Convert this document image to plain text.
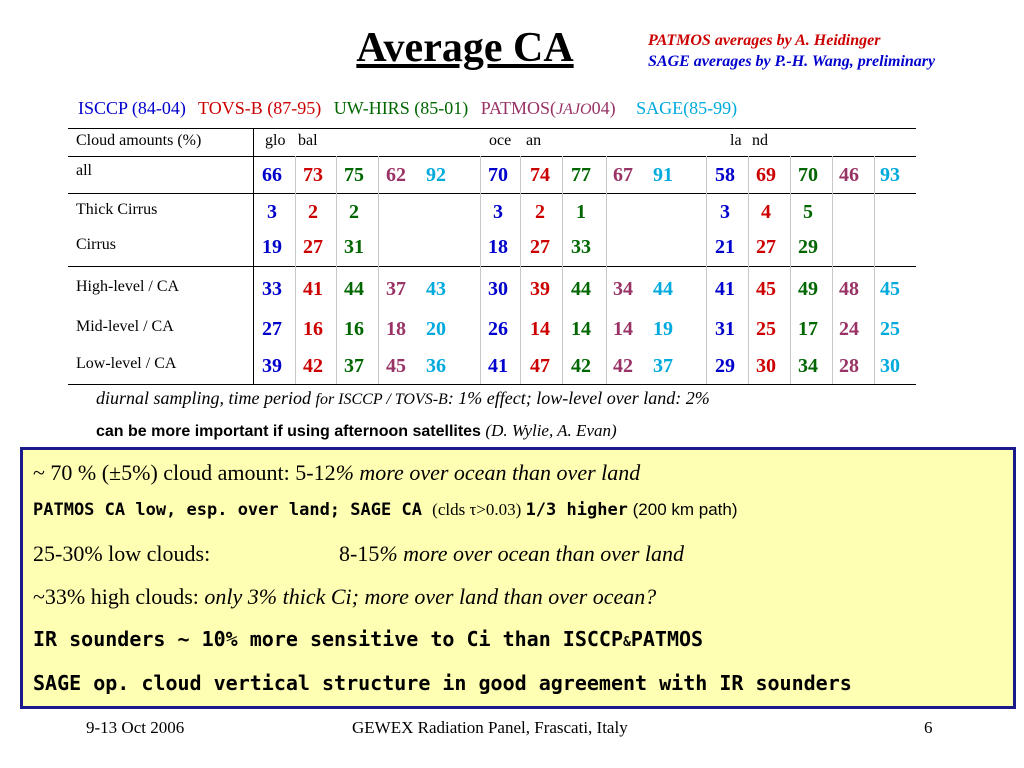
Average CA	PATMOS averages by A. Heidinger
SAGE averages by P.-H. Wang, preliminary
ISCCP (84-04) TOVS-B (87-95) UW-HIRS (85-01) PATMOS(JAJO04) SAGE(85-99)
Cloud amounts (%)	glo bal	oce an	la nd
all	66 73 75 62 92 70 74 77 67 91 58 69 70 46 93
Thick Cirrus	3	2	2	3	2	1	3	4	5
Cirrus	19 27 31	18 27 33	21 27 29
High-level / CA	33 41 44 37 43 30 39 44 34 44 41 45 49 48 45
Mid-level / CA	27 16 16 18 20 26 14 14 14 19 31 25 17 24 25
Low-level / CA	39 42 37 45 36 41 47 42 42 37 29 30 34 28 30
diurnal sampling, time period for ISCCP / TOVS-B: 1% effect; low-level over land: 2%
can be more important if using afternoon satellites (D. Wylie, A. Evan)
~ 70 % (±5%) cloud amount: 5-12% more over ocean than over land
PATMOS CA low, esp. over land; SAGE CA (clds τ>0.03) 1/3 higher (200 km path)
25-30% low clouds:	8-15% more over ocean than over land
~33% high clouds: only 3% thick Ci; more over land than over ocean?
IR sounders ~ 10% more sensitive to Ci than ISCCP&PATMOS
SAGE op. cloud vertical structure in good agreement with IR sounders
9-13 Oct 2006	GEWEX Radiation Panel, Frascati, Italy	6
